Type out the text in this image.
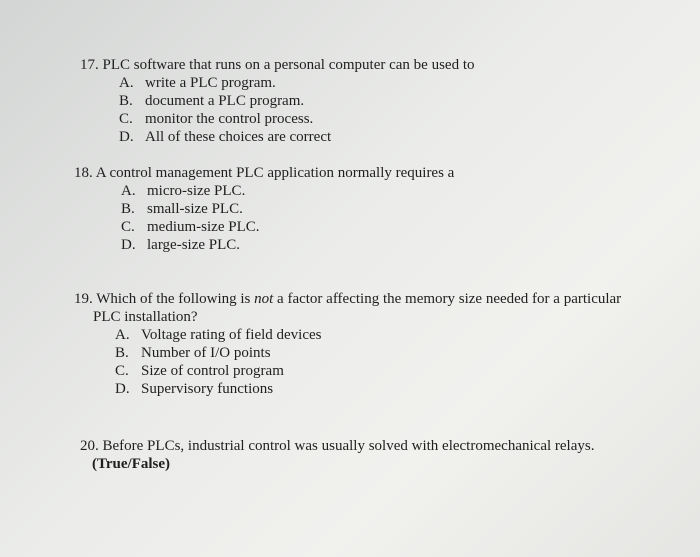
17. PLC software that runs on a personal computer can be used to
A. write a PLC program.
B. document a PLC program.
C. monitor the control process.
D. All of these choices are correct
18. A control management PLC application normally requires a
A. micro-size PLC.
B. small-size PLC.
C. medium-size PLC.
D. large-size PLC.
19. Which of the following is not a factor affecting the memory size needed for a particular
PLC installation?
A. Voltage rating of field devices
B. Number of I/O points
C. Size of control program
D. Supervisory functions
20. Before PLCs, industrial control was usually solved with electromechanical relays.
(True/False)
